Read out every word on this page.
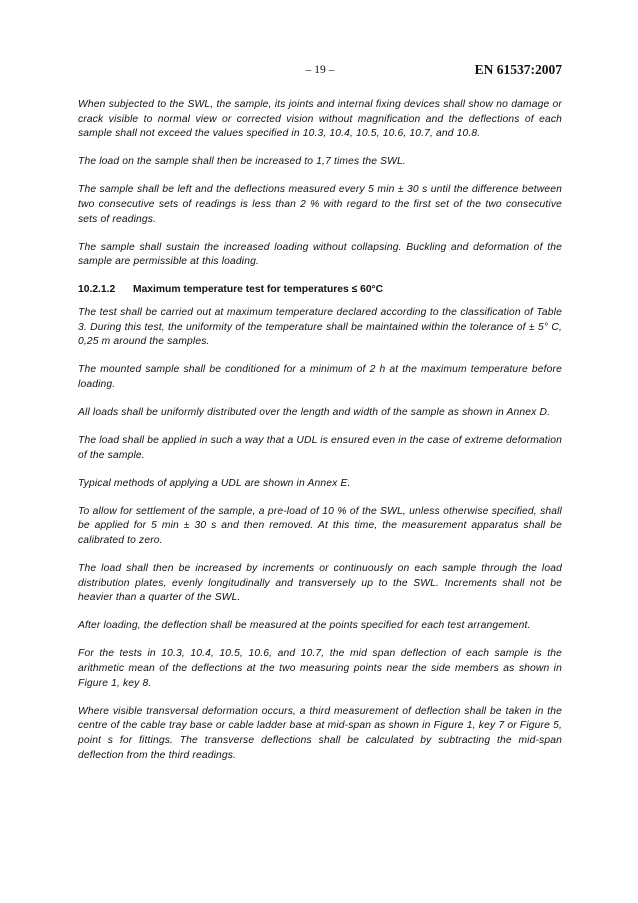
– 19 –	EN 61537:2007

When subjected to the SWL, the sample, its joints and internal fixing devices shall show no damage or crack visible to normal view or corrected vision without magnification and the deflections of each sample shall not exceed the values specified in 10.3, 10.4, 10.5, 10.6, 10.7, and 10.8.

The load on the sample shall then be increased to 1,7 times the SWL.

The sample shall be left and the deflections measured every 5 min ± 30 s until the difference between two consecutive sets of readings is less than 2 % with regard to the first set of the two consecutive sets of readings.

The sample shall sustain the increased loading without collapsing. Buckling and deformation of the sample are permissible at this loading.

10.2.1.2 Maximum temperature test for temperatures ≤ 60°C

The test shall be carried out at maximum temperature declared according to the classification of Table 3. During this test, the uniformity of the temperature shall be maintained within the tolerance of ± 5° C, 0,25 m around the samples.

The mounted sample shall be conditioned for a minimum of 2 h at the maximum temperature before loading.

All loads shall be uniformly distributed over the length and width of the sample as shown in Annex D.

The load shall be applied in such a way that a UDL is ensured even in the case of extreme deformation of the sample.

Typical methods of applying a UDL are shown in Annex E.

To allow for settlement of the sample, a pre-load of 10 % of the SWL, unless otherwise specified, shall be applied for 5 min ± 30 s and then removed. At this time, the measurement apparatus shall be calibrated to zero.

The load shall then be increased by increments or continuously on each sample through the load distribution plates, evenly longitudinally and transversely up to the SWL. Increments shall not be heavier than a quarter of the SWL.

After loading, the deflection shall be measured at the points specified for each test arrangement.

For the tests in 10.3, 10.4, 10.5, 10.6, and 10.7, the mid span deflection of each sample is the arithmetic mean of the deflections at the two measuring points near the side members as shown in Figure 1, key 8.

Where visible transversal deformation occurs, a third measurement of deflection shall be taken in the centre of the cable tray base or cable ladder base at mid-span as shown in Figure 1, key 7 or Figure 5, point s for fittings. The transverse deflections shall be calculated by subtracting the mid-span deflection from the third readings.
